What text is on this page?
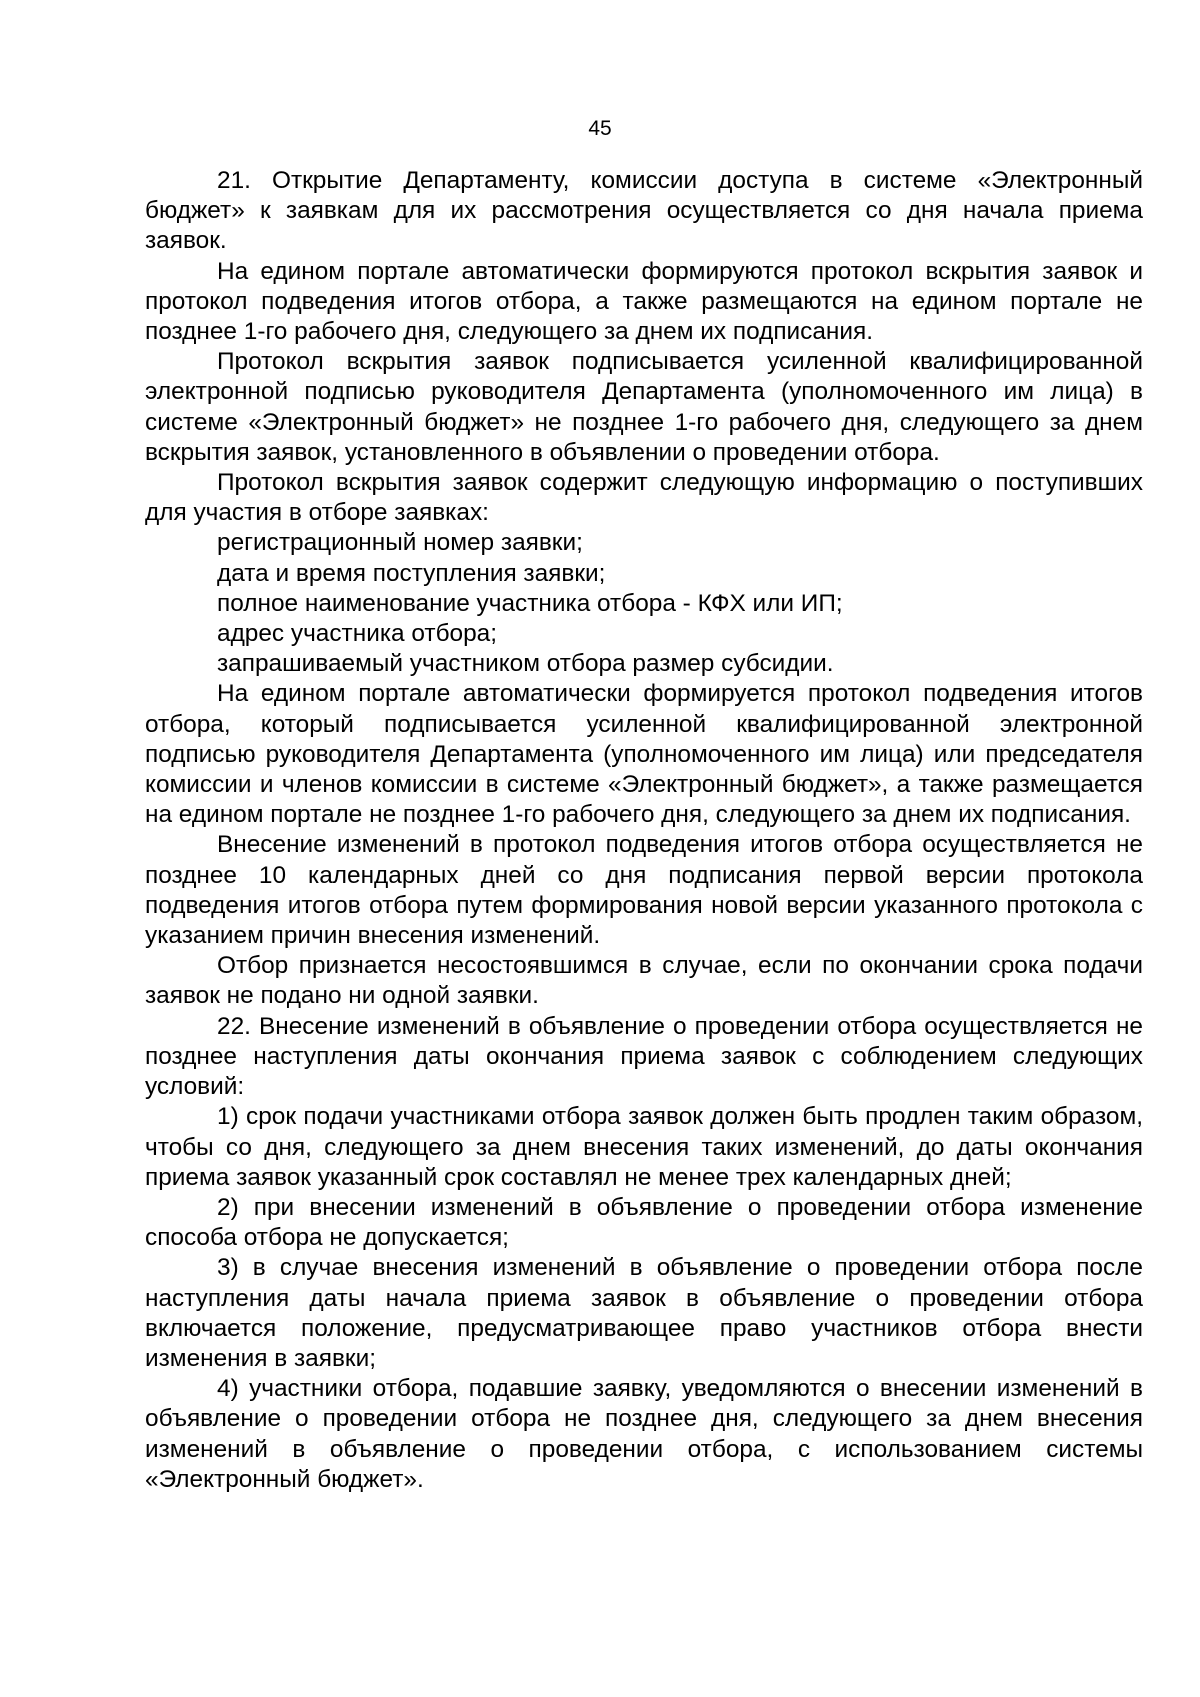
45

21. Открытие Департаменту, комиссии доступа в системе «Электронный бюджет» к заявкам для их рассмотрения осуществляется со дня начала приема заявок.

На едином портале автоматически формируются протокол вскрытия заявок и протокол подведения итогов отбора, а также размещаются на едином портале не позднее 1-го рабочего дня, следующего за днем их подписания.

Протокол вскрытия заявок подписывается усиленной квалифицированной электронной подписью руководителя Департамента (уполномоченного им лица) в системе «Электронный бюджет» не позднее 1-го рабочего дня, следующего за днем вскрытия заявок, установленного в объявлении о проведении отбора.

Протокол вскрытия заявок содержит следующую информацию о поступивших для участия в отборе заявках:

регистрационный номер заявки;

дата и время поступления заявки;

полное наименование участника отбора - КФХ или ИП;

адрес участника отбора;

запрашиваемый участником отбора размер субсидии.

На едином портале автоматически формируется протокол подведения итогов отбора, который подписывается усиленной квалифицированной электронной подписью руководителя Департамента (уполномоченного им лица) или председателя комиссии и членов комиссии в системе «Электронный бюджет», а также размещается на едином портале не позднее 1-го рабочего дня, следующего за днем их подписания.

Внесение изменений в протокол подведения итогов отбора осуществляется не позднее 10 календарных дней со дня подписания первой версии протокола подведения итогов отбора путем формирования новой версии указанного протокола с указанием причин внесения изменений.

Отбор признается несостоявшимся в случае, если по окончании срока подачи заявок не подано ни одной заявки.

22. Внесение изменений в объявление о проведении отбора осуществляется не позднее наступления даты окончания приема заявок с соблюдением следующих условий:

1) срок подачи участниками отбора заявок должен быть продлен таким образом, чтобы со дня, следующего за днем внесения таких изменений, до даты окончания приема заявок указанный срок составлял не менее трех календарных дней;

2) при внесении изменений в объявление о проведении отбора изменение способа отбора не допускается;

3) в случае внесения изменений в объявление о проведении отбора после наступления даты начала приема заявок в объявление о проведении отбора включается положение, предусматривающее право участников отбора внести изменения в заявки;

4) участники отбора, подавшие заявку, уведомляются о внесении изменений в объявление о проведении отбора не позднее дня, следующего за днем внесения изменений в объявление о проведении отбора, с использованием системы «Электронный бюджет».
